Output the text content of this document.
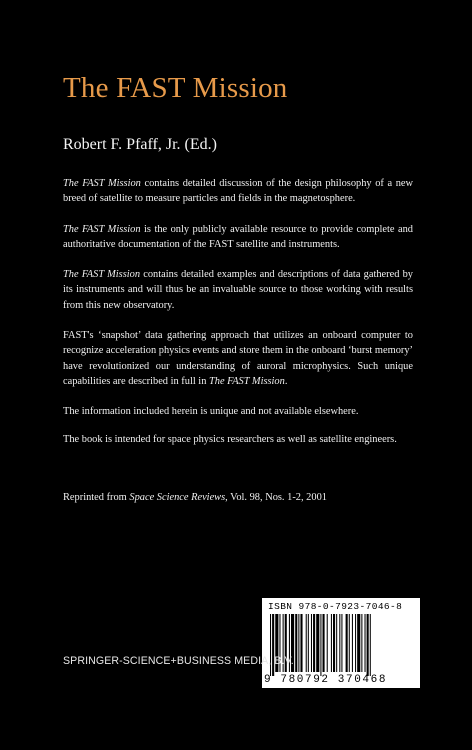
The FAST Mission
Robert F. Pfaff, Jr. (Ed.)

The FAST Mission contains detailed discussion of the design philosophy of a new breed of satellite to measure particles and fields in the magnetosphere.

The FAST Mission is the only publicly available resource to provide complete and authoritative documentation of the FAST satellite and instruments.

The FAST Mission contains detailed examples and descriptions of data gathered by its instruments and will thus be an invaluable source to those working with results from this new observatory.

FAST's ‘snapshot’ data gathering approach that utilizes an onboard computer to recognize acceleration physics events and store them in the onboard ‘burst memory’ have revolutionized our understanding of auroral microphysics. Such unique capabilities are described in full in The FAST Mission.

The information included herein is unique and not available elsewhere.

The book is intended for space physics researchers as well as satellite engineers.

Reprinted from Space Science Reviews, Vol. 98, Nos. 1-2, 2001
ISBN 978-0-7923-7046-8
9 780792 370468
SPRINGER-SCIENCE+BUSINESS MEDIA, B.V.
